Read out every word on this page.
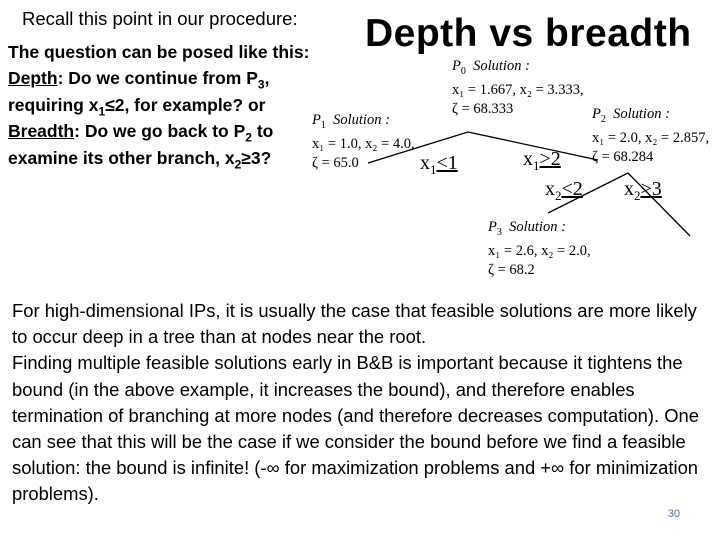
Recall this point in our procedure:
The question can be posed like this:
Depth: Do we continue from $P_3$,
requiring $x_1\le 2$, for example? or
Breadth: Do we go back to $P_2$ to
examine its other branch, $x_2\ge 3$?
Depth vs breadth
$P_0$ Solution :
x₁ = 1.667, x₂ = 3.333,
ζ = 68.333
$P_1$ Solution :
x₁ = 1.0, x₂ = 4.0,
ζ = 65.0
$P_2$ Solution :
x₁ = 2.0, x₂ = 2.857,
ζ = 68.284
$P_3$ Solution :
x₁ = 2.6, x₂ = 2.0,
ζ = 68.2
$x_1<1$	$x_1>2$
$x_2<2$ $x_2>3$

For high-dimensional IPs, it is usually the case that feasible solutions are more likely to occur deep in a tree than at nodes near the root.

Finding multiple feasible solutions early in B&B is important because it tightens the bound (in the above example, it increases the bound), and therefore enables termination of branching at more nodes (and therefore decreases computation). One can see that this will be the case if we consider the bound before we find a feasible solution: the bound is infinite! (-∞ for maximization problems and +∞ for minimization problems).

30
